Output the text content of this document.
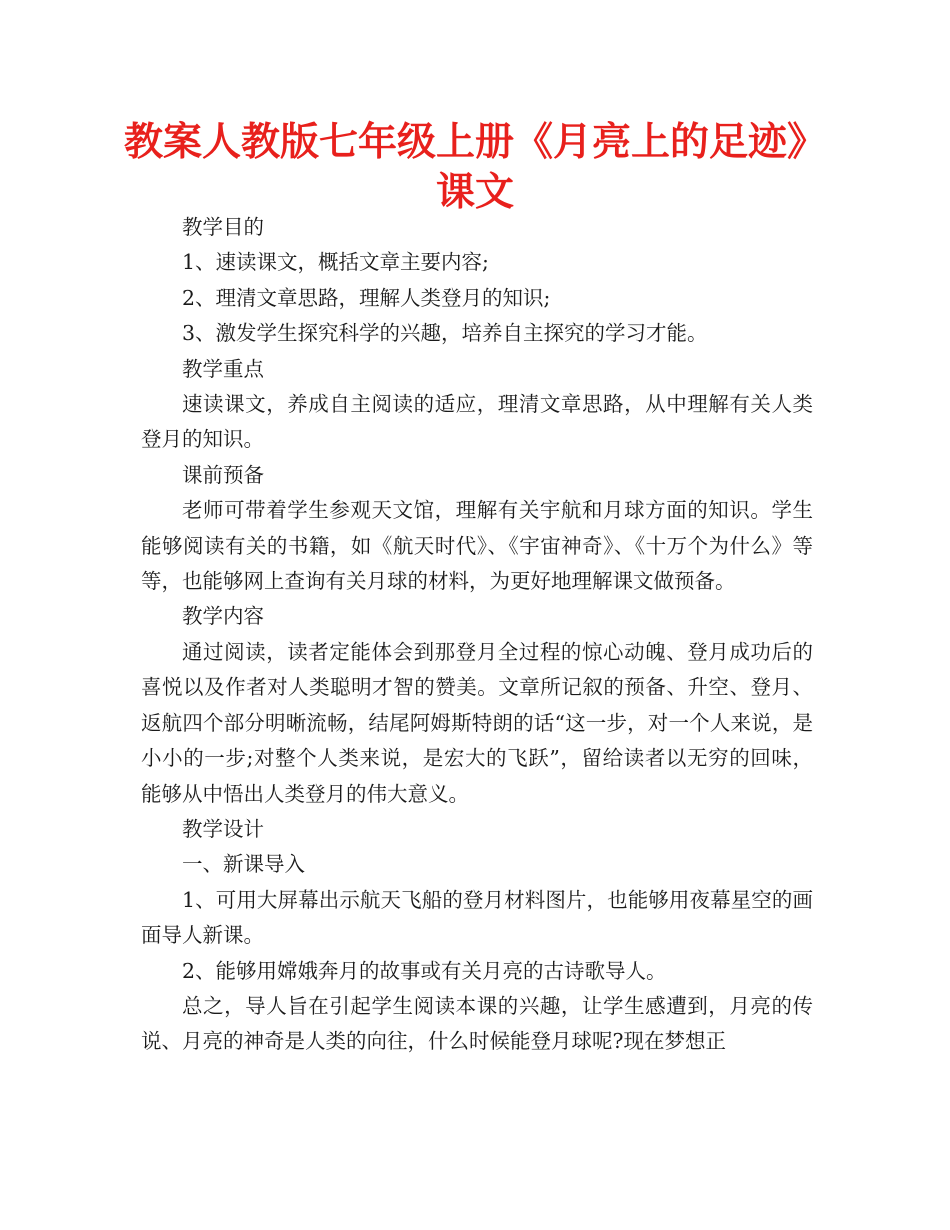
教案人教版七年级上册《月亮上的足迹》
课文

教学目的

1、速读课文，概括文章主要内容;

2、理清文章思路，理解人类登月的知识;

3、激发学生探究科学的兴趣，培养自主探究的学习才能。

教学重点

速读课文，养成自主阅读的适应，理清文章思路，从中理解有关人类登月的知识。

课前预备

老师可带着学生参观天文馆，理解有关宇航和月球方面的知识。学生能够阅读有关的书籍，如《航天时代》、《宇宙神奇》、《十万个为什么》等等，也能够网上查询有关月球的材料，为更好地理解课文做预备。

教学内容

通过阅读，读者定能体会到那登月全过程的惊心动魄、登月成功后的喜悦以及作者对人类聪明才智的赞美。文章所记叙的预备、升空、登月、返航四个部分明晰流畅，结尾阿姆斯特朗的话“这一步，对一个人来说，是小小的一步;对整个人类来说，是宏大的飞跃”，留给读者以无穷的回味，能够从中悟出人类登月的伟大意义。

教学设计

一、新课导入

1、可用大屏幕出示航天飞船的登月材料图片，也能够用夜幕星空的画面导人新课。

2、能够用嫦娥奔月的故事或有关月亮的古诗歌导人。

总之，导人旨在引起学生阅读本课的兴趣，让学生感遭到，月亮的传说、月亮的神奇是人类的向往，什么时候能登月球呢?现在梦想正
